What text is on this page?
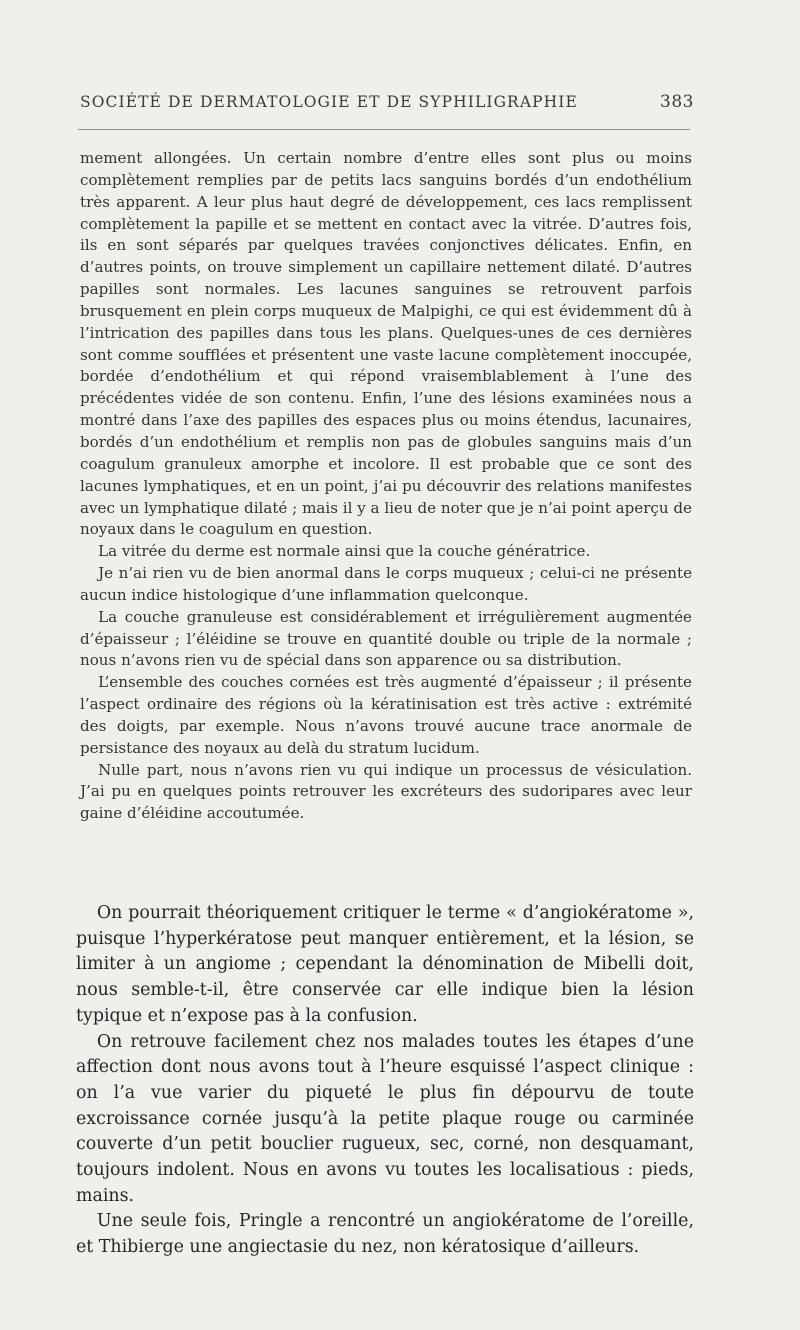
SOCIÉTÉ DE DERMATOLOGIE ET DE SYPHILIGRAPHIE	383

mement allongées. Un certain nombre d’entre elles sont plus ou moins complètement remplies par de petits lacs sanguins bordés d’un endothélium très apparent. A leur plus haut degré de développement, ces lacs remplissent complètement la papille et se mettent en contact avec la vitrée. D’autres fois, ils en sont séparés par quelques travées conjonctives délicates. Enfin, en d’autres points, on trouve simplement un capillaire nettement dilaté. D’autres papilles sont normales. Les lacunes sanguines se retrouvent parfois brusquement en plein corps muqueux de Malpighi, ce qui est évidemment dû à l’intrication des papilles dans tous les plans. Quelques-unes de ces dernières sont comme soufflées et présentent une vaste lacune complètement inoccupée, bordée d’endothélium et qui répond vraisemblablement à l’une des précédentes vidée de son contenu. Enfin, l’une des lésions examinées nous a montré dans l’axe des papilles des espaces plus ou moins étendus, lacunaires, bordés d’un endothélium et remplis non pas de globules sanguins mais d’un coagulum granuleux amorphe et incolore. Il est probable que ce sont des lacunes lymphatiques, et en un point, j’ai pu découvrir des relations manifestes avec un lymphatique dilaté ; mais il y a lieu de noter que je n’ai point aperçu de noyaux dans le coagulum en question.

La vitrée du derme est normale ainsi que la couche génératrice.

Je n’ai rien vu de bien anormal dans le corps muqueux ; celui-ci ne présente aucun indice histologique d’une inflammation quelconque.

La couche granuleuse est considérablement et irrégulièrement augmentée d’épaisseur ; l’éléidine se trouve en quantité double ou triple de la normale ; nous n’avons rien vu de spécial dans son apparence ou sa distribution.

L’ensemble des couches cornées est très augmenté d’épaisseur ; il présente l’aspect ordinaire des régions où la kératinisation est très active : extrémité des doigts, par exemple. Nous n’avons trouvé aucune trace anormale de persistance des noyaux au delà du stratum lucidum.

Nulle part, nous n’avons rien vu qui indique un processus de vésiculation. J’ai pu en quelques points retrouver les excréteurs des sudoripares avec leur gaine d’éléidine accoutumée.

On pourrait théoriquement critiquer le terme « d’angiokératome », puisque l’hyperkératose peut manquer entièrement, et la lésion, se limiter à un angiome ; cependant la dénomination de Mibelli doit, nous semble-t-il, être conservée car elle indique bien la lésion typique et n’expose pas à la confusion.

On retrouve facilement chez nos malades toutes les étapes d’une affection dont nous avons tout à l’heure esquissé l’aspect clinique : on l’a vue varier du piqueté le plus fin dépourvu de toute excroissance cornée jusqu’à la petite plaque rouge ou carminée couverte d’un petit bouclier rugueux, sec, corné, non desquamant, toujours indolent. Nous en avons vu toutes les localisatious : pieds, mains.

Une seule fois, Pringle a rencontré un angiokératome de l’oreille, et Thibierge une angiectasie du nez, non kératosique d’ailleurs.
